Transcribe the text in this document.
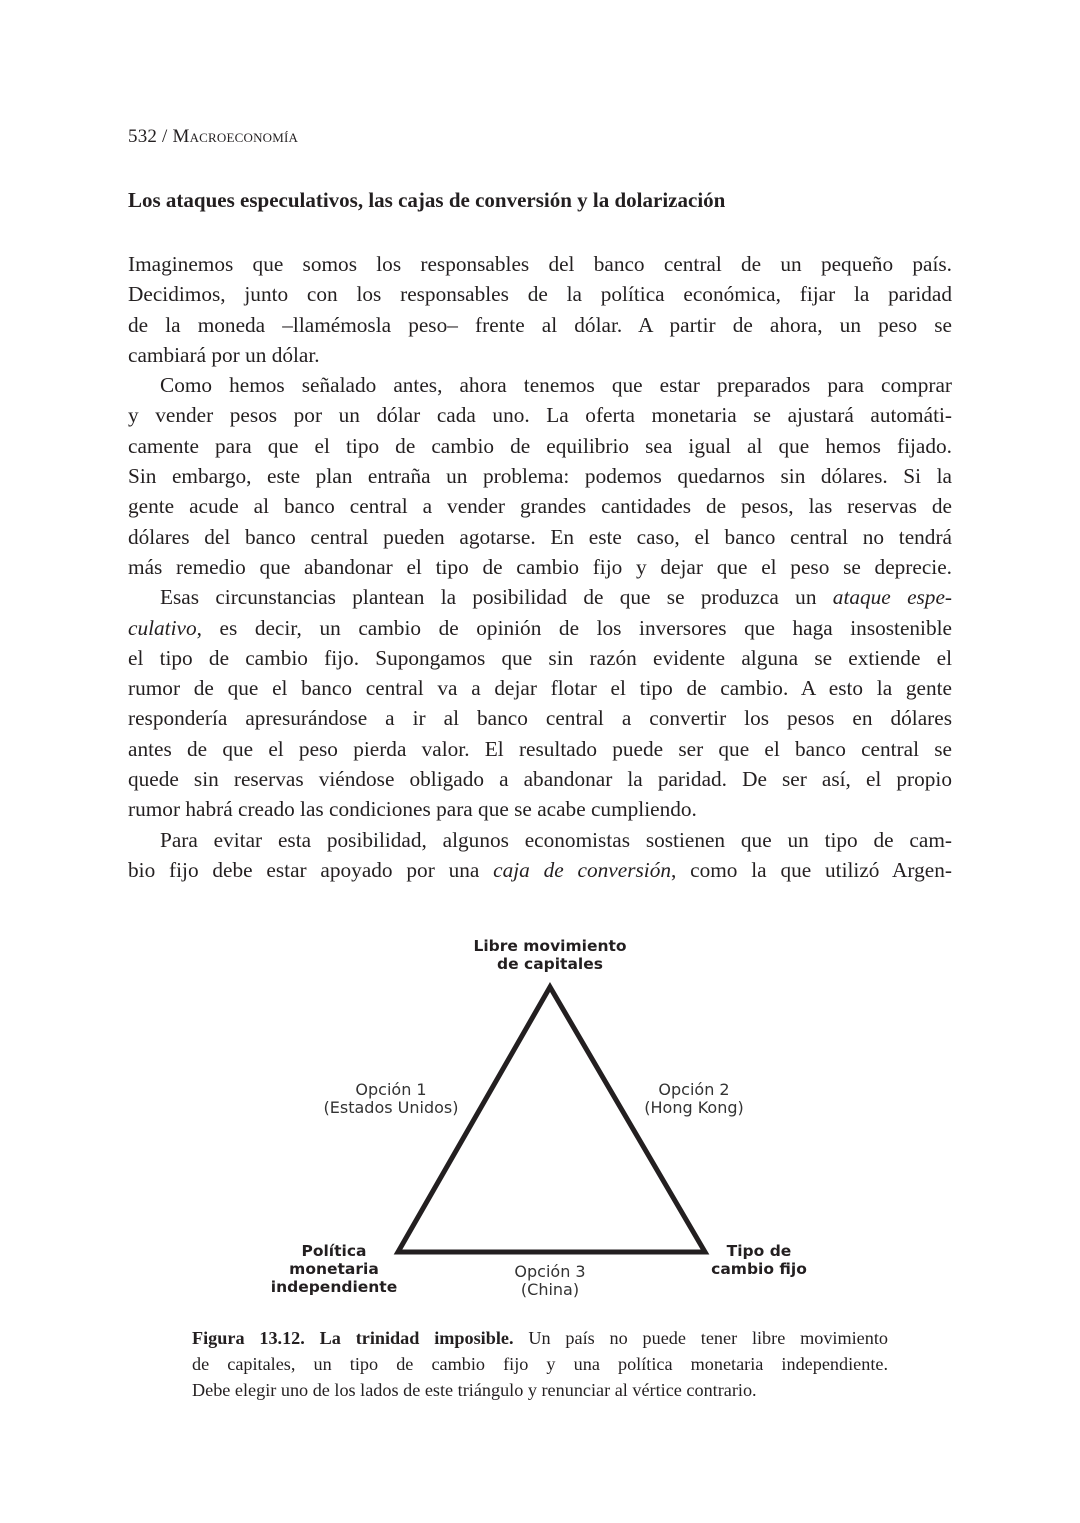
532 / Macroeconomía
Los ataques especulativos, las cajas de conversión y la dolarización
Imaginemos que somos los responsables del banco central de un pequeño país.
Decidimos, junto con los responsables de la política económica, fijar la paridad
de la moneda –llamémosla peso– frente al dólar. A partir de ahora, un peso se
cambiará por un dólar.
Como hemos señalado antes, ahora tenemos que estar preparados para comprar
y vender pesos por un dólar cada uno. La oferta monetaria se ajustará automáti-
camente para que el tipo de cambio de equilibrio sea igual al que hemos fijado.
Sin embargo, este plan entraña un problema: podemos quedarnos sin dólares. Si la
gente acude al banco central a vender grandes cantidades de pesos, las reservas de
dólares del banco central pueden agotarse. En este caso, el banco central no tendrá
más remedio que abandonar el tipo de cambio fijo y dejar que el peso se deprecie.
Esas circunstancias plantean la posibilidad de que se produzca un ataque espe-
culativo, es decir, un cambio de opinión de los inversores que haga insostenible
el tipo de cambio fijo. Supongamos que sin razón evidente alguna se extiende el
rumor de que el banco central va a dejar flotar el tipo de cambio. A esto la gente
respondería apresurándose a ir al banco central a convertir los pesos en dólares
antes de que el peso pierda valor. El resultado puede ser que el banco central se
quede sin reservas viéndose obligado a abandonar la paridad. De ser así, el propio
rumor habrá creado las condiciones para que se acabe cumpliendo.
Para evitar esta posibilidad, algunos economistas sostienen que un tipo de cam-
bio fijo debe estar apoyado por una caja de conversión, como la que utilizó Argen-
Libre movimiento
de capitales
Opción 1
(Estados Unidos)
Opción 2
(Hong Kong)
Política
monetaria
independiente
Tipo de
cambio fijo
Opción 3
(China)
Figura 13.12. La trinidad imposible. Un país no puede tener libre movimiento
de capitales, un tipo de cambio fijo y una política monetaria independiente.
Debe elegir uno de los lados de este triángulo y renunciar al vértice contrario.
